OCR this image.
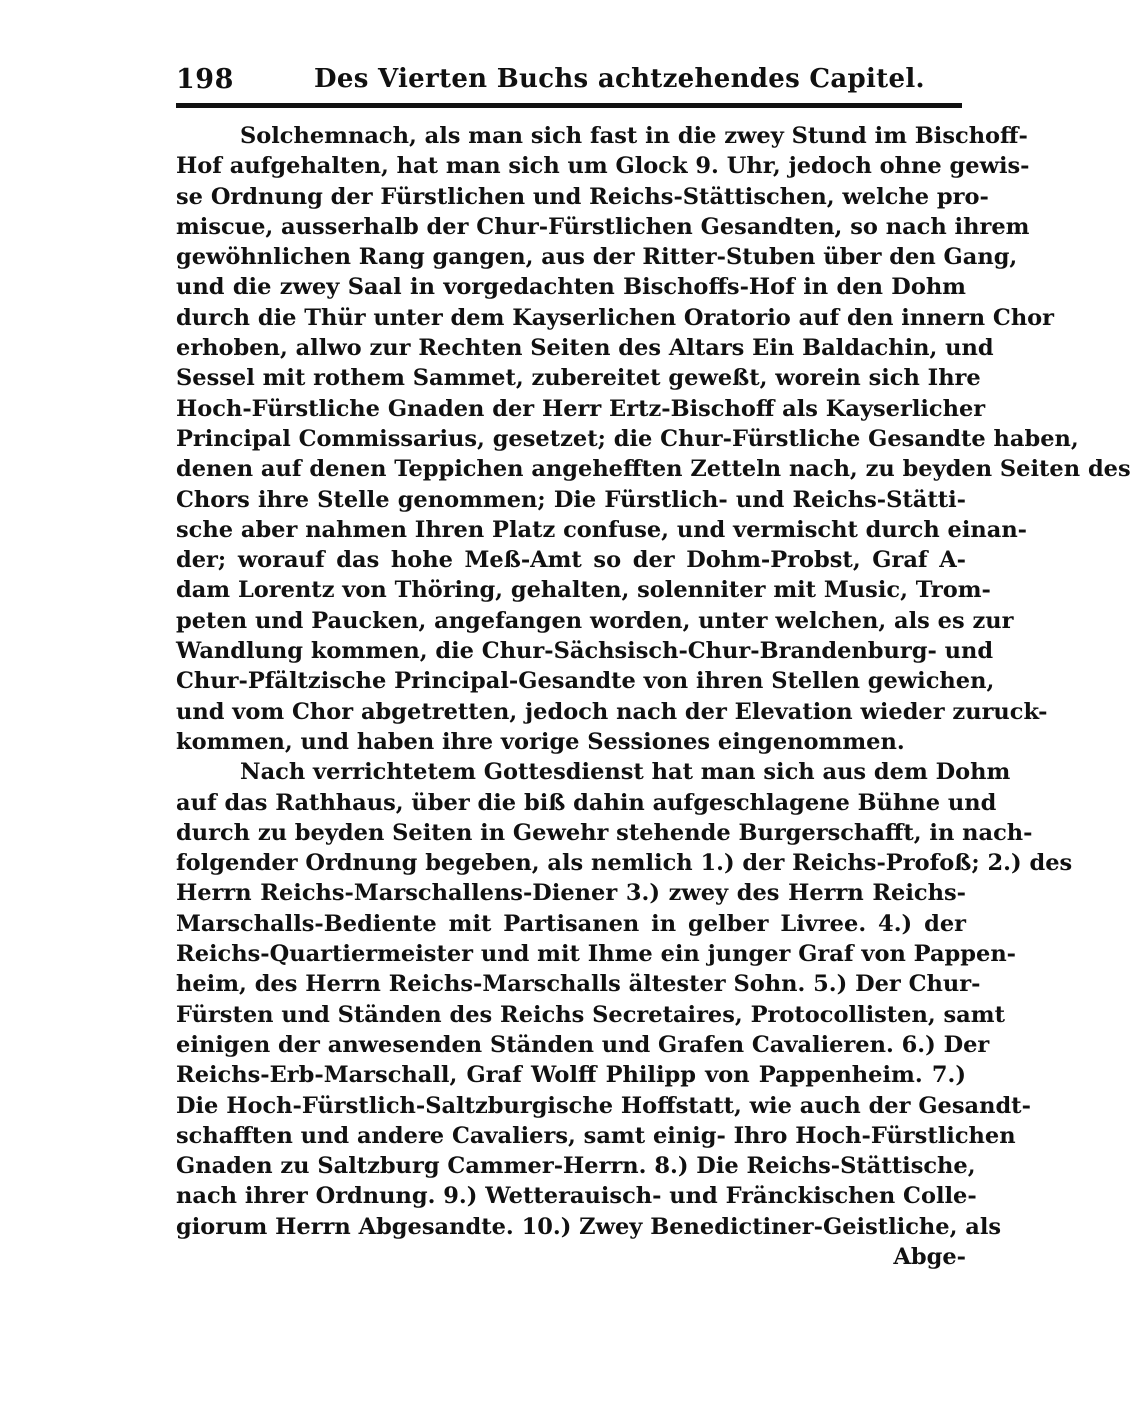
198	Des Vierten Buchs achtzehendes Capitel.
Solchemnach, als man sich fast in die zwey Stund im Bischoff-
Hof aufgehalten, hat man sich um Glock 9. Uhr, jedoch ohne gewis-
se Ordnung der Fürstlichen und Reichs-Stättischen, welche pro-
miscue, ausserhalb der Chur-Fürstlichen Gesandten, so nach ihrem
gewöhnlichen Rang gangen, aus der Ritter-Stuben über den Gang,
und die zwey Saal in vorgedachten Bischoffs-Hof in den Dohm
durch die Thür unter dem Kayserlichen Oratorio auf den innern Chor
erhoben, allwo zur Rechten Seiten des Altars Ein Baldachin, und
Sessel mit rothem Sammet, zubereitet geweßt, worein sich Ihre
Hoch-Fürstliche Gnaden der Herr Ertz-Bischoff als Kayserlicher
Principal Commissarius, gesetzet; die Chur-Fürstliche Gesandte haben,
denen auf denen Teppichen angehefften Zetteln nach, zu beyden Seiten des
Chors ihre Stelle genommen; Die Fürstlich- und Reichs-Stätti-
sche aber nahmen Ihren Platz confuse, und vermischt durch einan-
der; worauf das hohe Meß-Amt so der Dohm-Probst, Graf A-
dam Lorentz von Thöring, gehalten, solenniter mit Music, Trom-
peten und Paucken, angefangen worden, unter welchen, als es zur
Wandlung kommen, die Chur-Sächsisch-Chur-Brandenburg- und
Chur-Pfältzische Principal-Gesandte von ihren Stellen gewichen,
und vom Chor abgetretten, jedoch nach der Elevation wieder zuruck-
kommen, und haben ihre vorige Sessiones eingenommen.
Nach verrichtetem Gottesdienst hat man sich aus dem Dohm
auf das Rathhaus, über die biß dahin aufgeschlagene Bühne und
durch zu beyden Seiten in Gewehr stehende Burgerschafft, in nach-
folgender Ordnung begeben, als nemlich 1.) der Reichs-Profoß; 2.) des
Herrn Reichs-Marschallens-Diener 3.) zwey des Herrn Reichs-
Marschalls-Bediente mit Partisanen in gelber Livree. 4.) der
Reichs-Quartiermeister und mit Ihme ein junger Graf von Pappen-
heim, des Herrn Reichs-Marschalls ältester Sohn. 5.) Der Chur-
Fürsten und Ständen des Reichs Secretaires, Protocollisten, samt
einigen der anwesenden Ständen und Grafen Cavalieren. 6.) Der
Reichs-Erb-Marschall, Graf Wolff Philipp von Pappenheim. 7.)
Die Hoch-Fürstlich-Saltzburgische Hoffstatt, wie auch der Gesandt-
schafften und andere Cavaliers, samt einig- Ihro Hoch-Fürstlichen
Gnaden zu Saltzburg Cammer-Herrn. 8.) Die Reichs-Stättische,
nach ihrer Ordnung. 9.) Wetterauisch- und Fränckischen Colle-
giorum Herrn Abgesandte. 10.) Zwey Benedictiner-Geistliche, als
Abge-
